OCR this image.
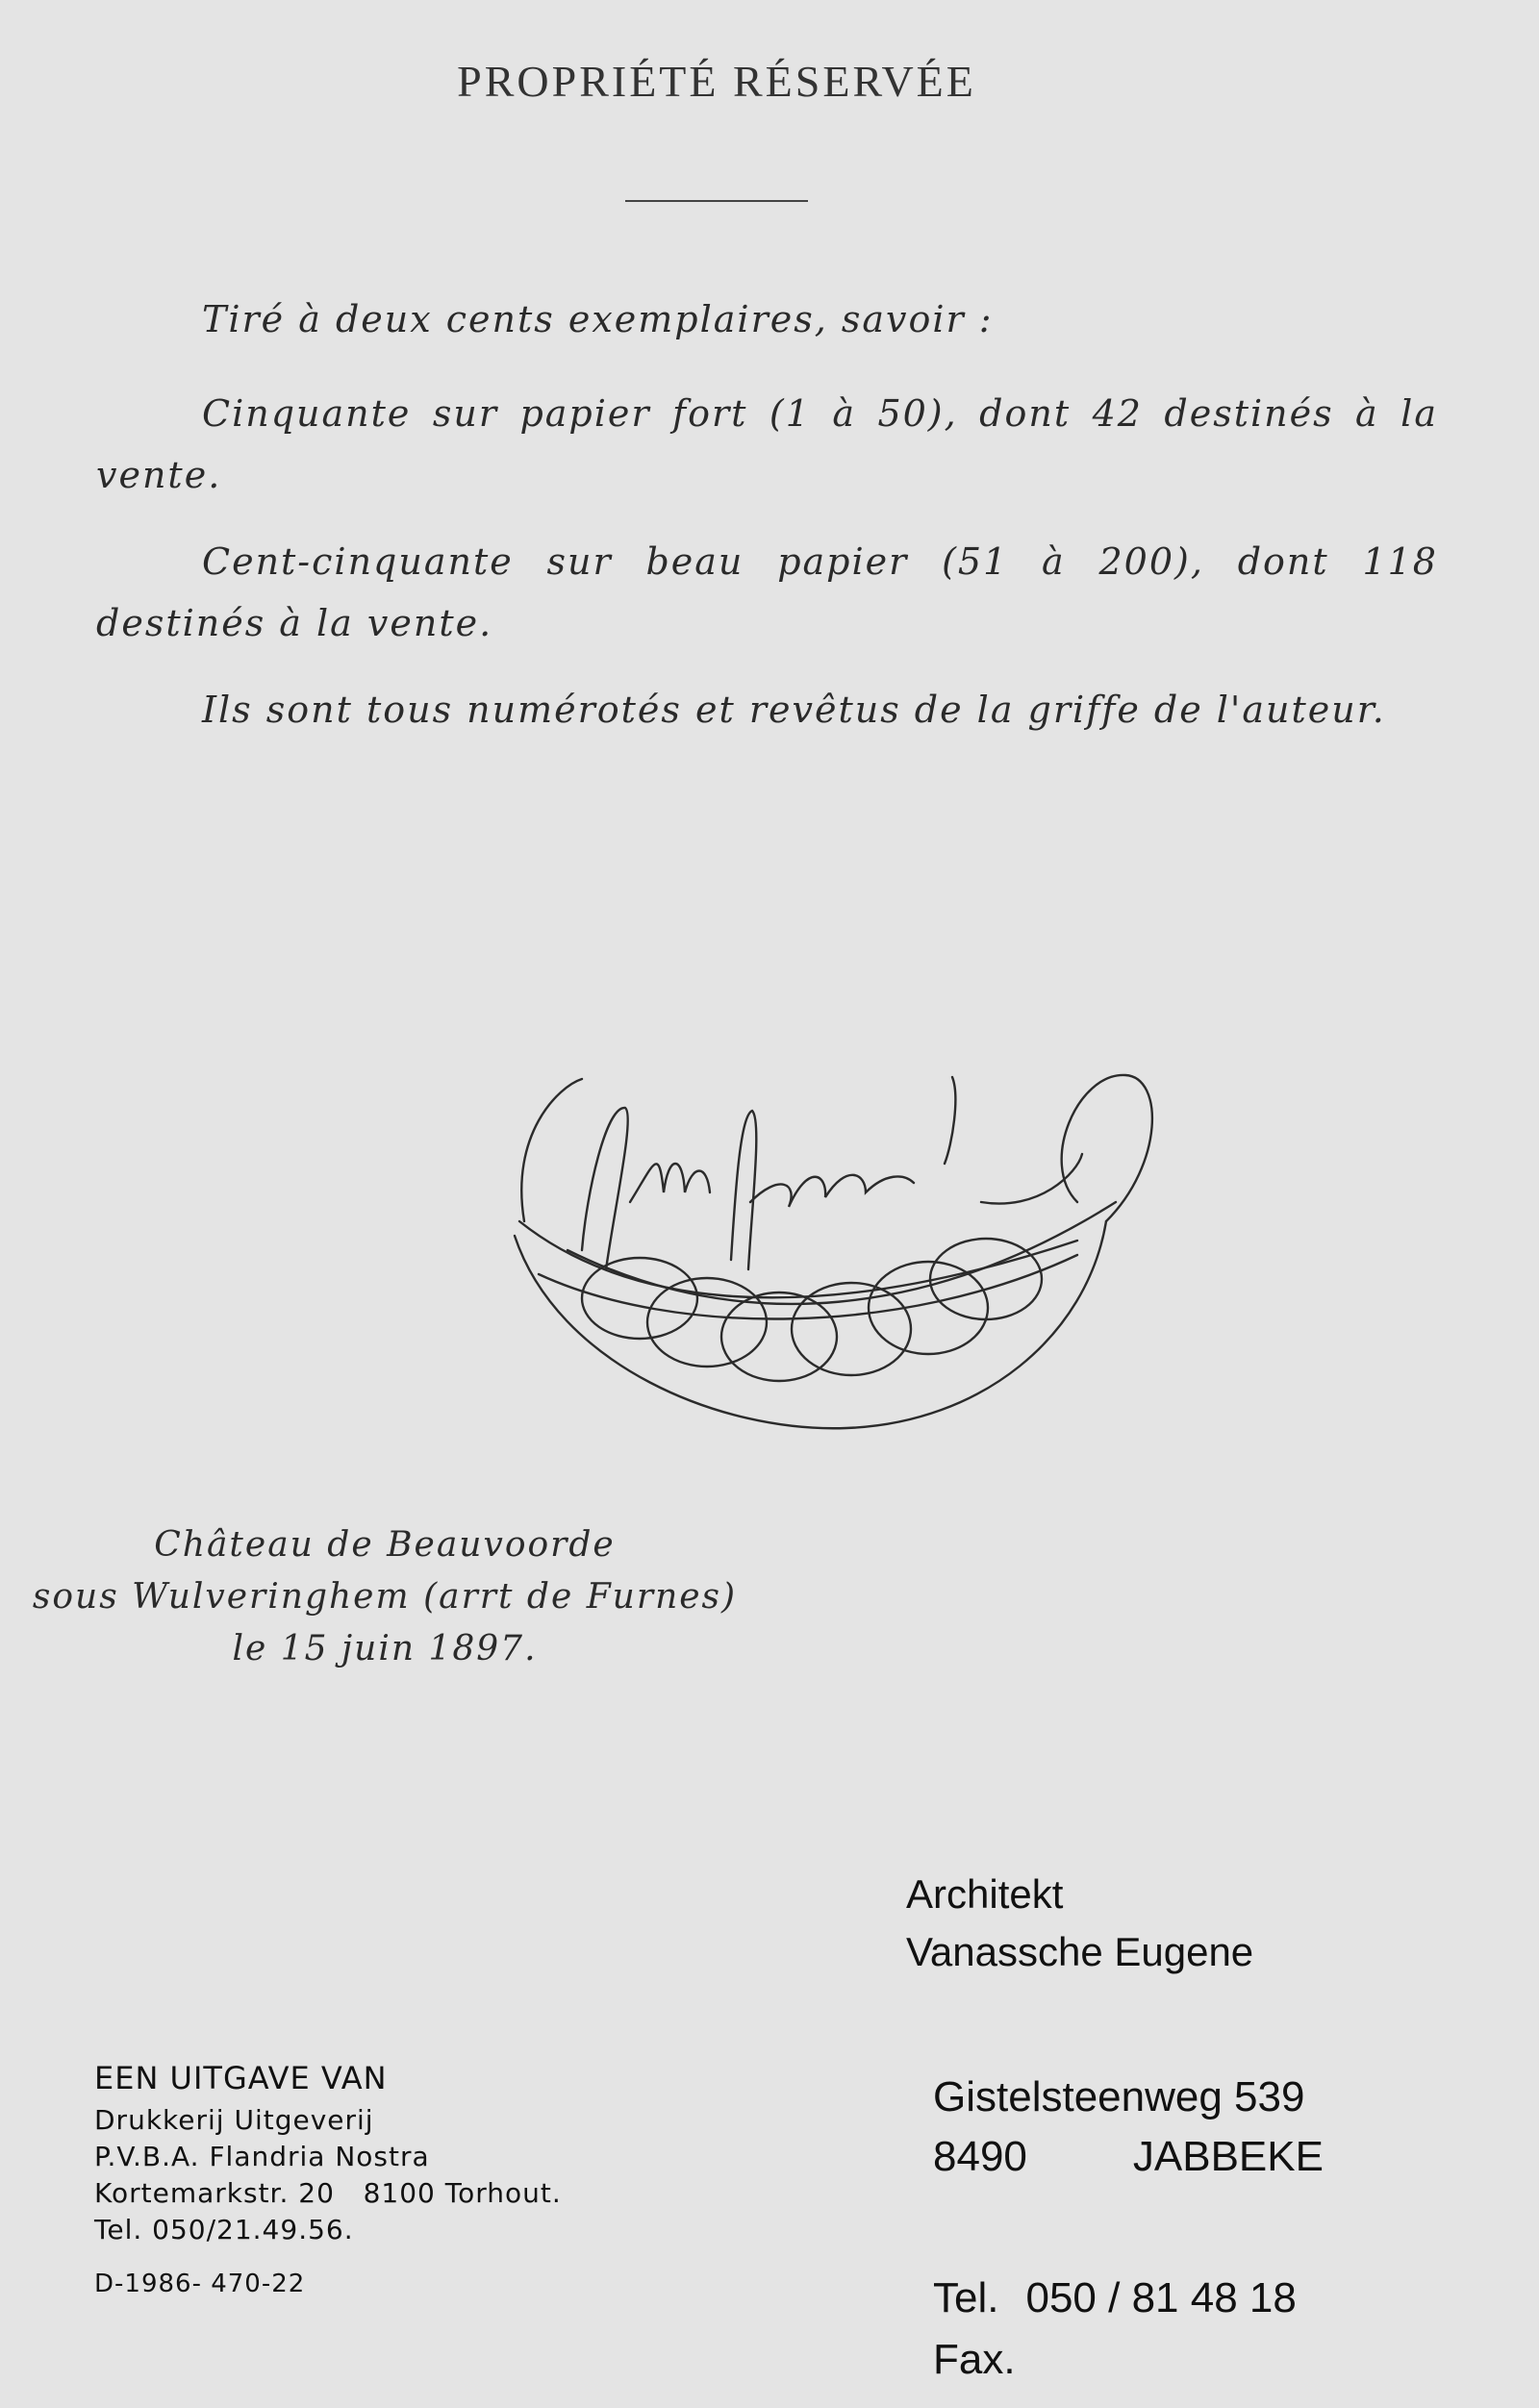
PROPRIÉTÉ RÉSERVÉE
Tiré à deux cents exemplaires, savoir :
Cinquante sur papier fort (1 à 50), dont 42 destinés à la vente.
Cent-cinquante sur beau papier (51 à 200), dont 118 destinés à la vente.
Ils sont tous numérotés et revêtus de la griffe de l'auteur.
Château de Beauvoorde
sous Wulveringhem (arrt de Furnes)
le 15 juin 1897.
EEN UITGAVE VAN
Drukkerij Uitgeverij
P.V.B.A. Flandria Nostra
Kortemarkstr. 20   8100 Torhout.
Tel. 050/21.49.56.
D-1986- 470-22
Architekt
Vanassche Eugene
Gistelsteenweg 539
8490	JABBEKE
Tel. 050 / 81 48 18
Fax.
